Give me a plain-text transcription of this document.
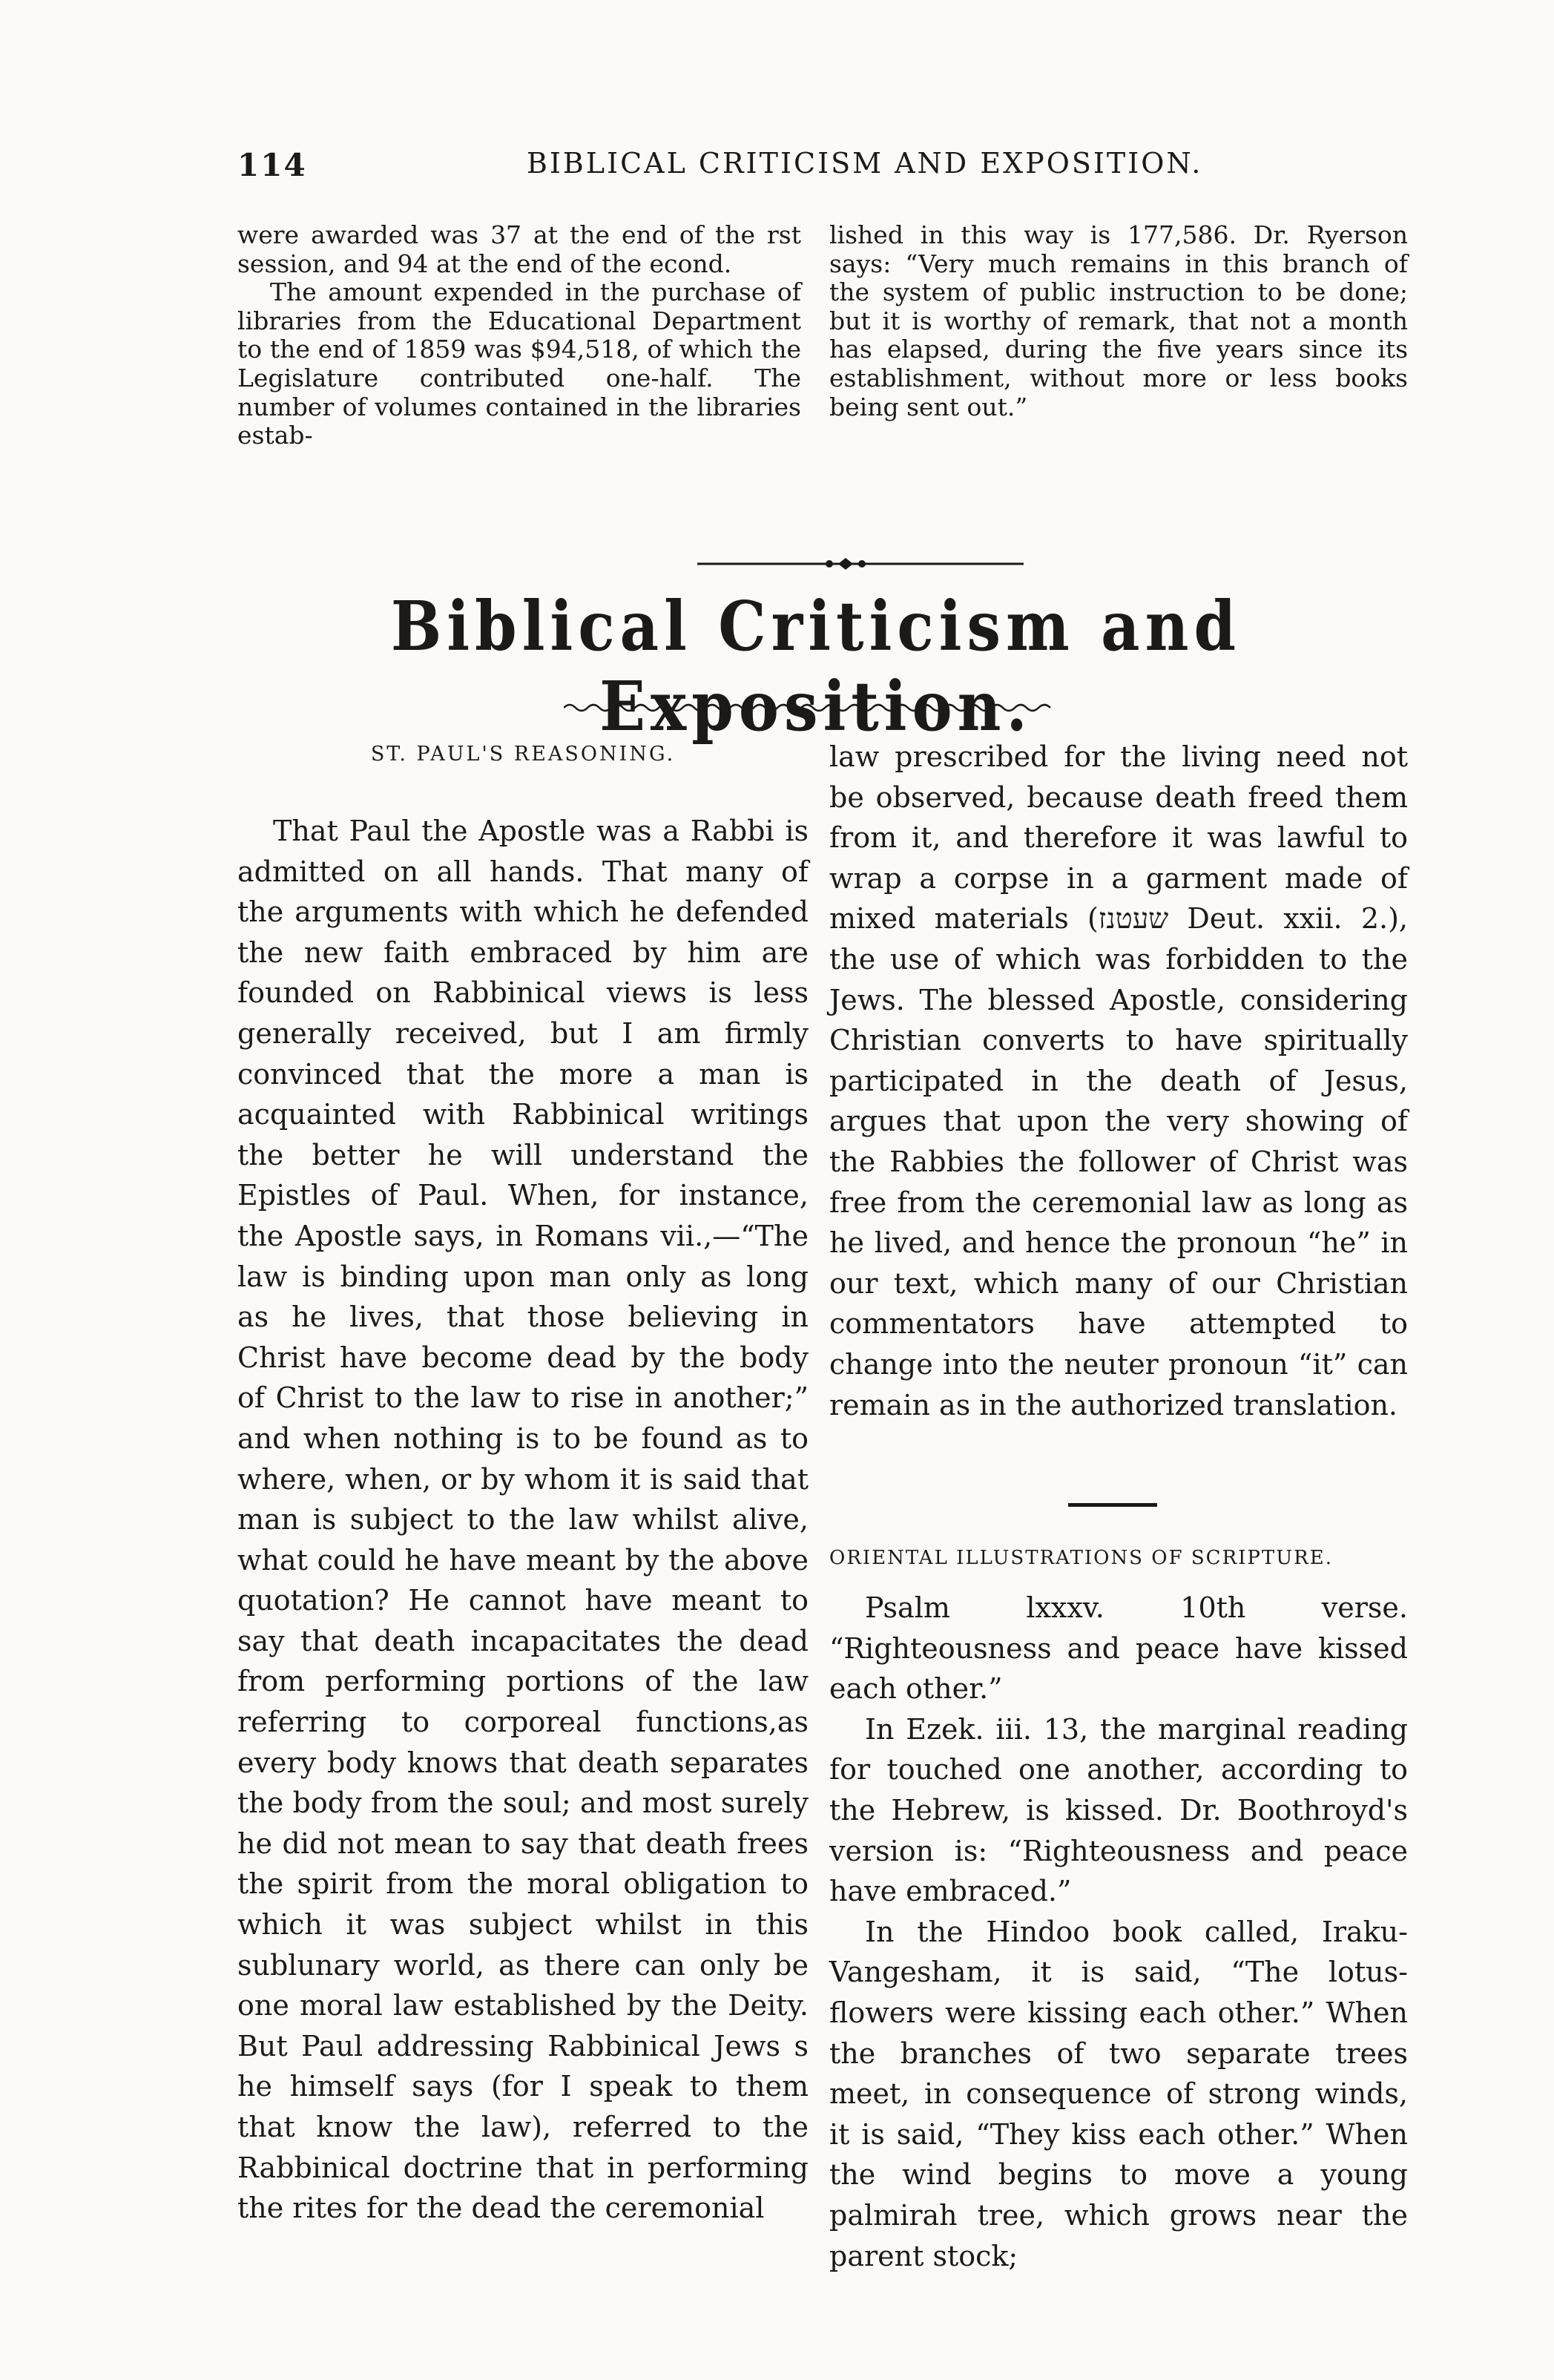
114	BIBLICAL CRITICISM AND EXPOSITION.

were awarded was 37 at the end of the rst session, and 94 at the end of the econd.

The amount expended in the purchase of libraries from the Educational Department to the end of 1859 was $94,518, of which the Legislature contributed one-half. The number of volumes contained in the libraries estab-

lished in this way is 177,586. Dr. Ryerson says: “Very much remains in this branch of the system of public instruction to be done; but it is worthy of remark, that not a month has elapsed, during the five years since its establishment, without more or less books being sent out.”

Biblical Criticism and Exposition.
ST. PAUL'S REASONING.

That Paul the Apostle was a Rabbi is admitted on all hands. That many of the arguments with which he defended the new faith embraced by him are founded on Rabbinical views is less generally received, but I am firmly convinced that the more a man is acquainted with Rabbinical writings the better he will understand the Epistles of Paul. When, for instance, the Apostle says, in Romans vii.,—“The law is binding upon man only as long as he lives, that those believing in Christ have become dead by the body of Christ to the law to rise in another;” and when nothing is to be found as to where, when, or by whom it is said that man is subject to the law whilst alive, what could he have meant by the above quotation? He cannot have meant to say that death incapacitates the dead from performing portions of the law referring to corporeal functions,as every body knows that death separates the body from the soul; and most surely he did not mean to say that death frees the spirit from the moral obligation to which it was subject whilst in this sublunary world, as there can only be one moral law established by the Deity. But Paul addressing Rabbinical Jews s he himself says (for I speak to them that know the law), referred to the Rabbinical doctrine that in performing the rites for the dead the ceremonial

law prescribed for the living need not be observed, because death freed them from it, and therefore it was lawful to wrap a corpse in a garment made of mixed materials (שעטנז Deut. xxii. 2.), the use of which was forbidden to the Jews. The blessed Apostle, considering Christian converts to have spiritually participated in the death of Jesus, argues that upon the very showing of the Rabbies the follower of Christ was free from the ceremonial law as long as he lived, and hence the pronoun “he” in our text, which many of our Christian commentators have attempted to change into the neuter pronoun “it” can remain as in the authorized translation.

ORIENTAL ILLUSTRATIONS OF SCRIPTURE.

Psalm lxxxv. 10th verse. “Righteousness and peace have kissed each other.”

In Ezek. iii. 13, the marginal reading for touched one another, according to the Hebrew, is kissed. Dr. Boothroyd's version is: “Righteousness and peace have embraced.”

In the Hindoo book called, Iraku-Vangesham, it is said, “The lotus-flowers were kissing each other.” When the branches of two separate trees meet, in consequence of strong winds, it is said, “They kiss each other.” When the wind begins to move a young palmirah tree, which grows near the parent stock;
